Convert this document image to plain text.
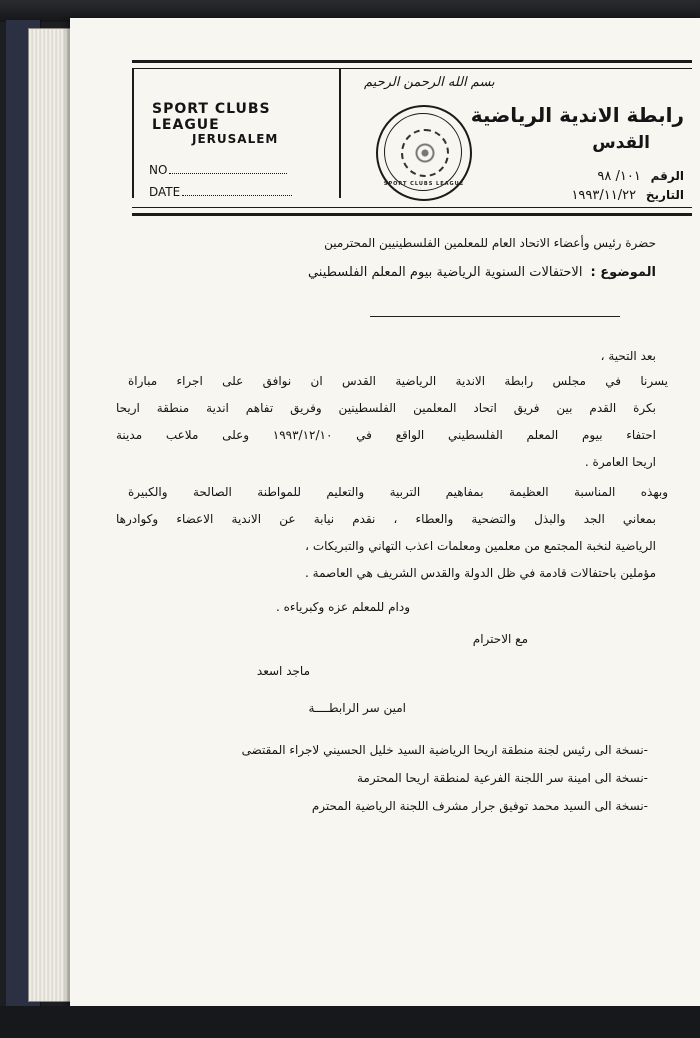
SPORT CLUBS LEAGUE
JERUSALEM
NO
DATE
بسم الله الرحمن الرحيم
SPORT CLUBS LEAGUE
رابطة الاندية الرياضية
القدس
الرقم ١٠١/ ٩٨
التاريخ ١٩٩٣/١١/٢٢
حضرة رئيس وأعضاء الاتحاد العام للمعلمين الفلسطينيين المحترمين
الموضوع :الاحتفالات السنوية الرياضية بيوم المعلم الفلسطيني
بعد التحية ،
يسرنا في مجلس رابطة الاندية الرياضية القدس ان نوافق على اجراء مباراة
بكرة القدم بين فريق اتحاد المعلمين الفلسطينين وفريق تفاهم اندية منطقة اريحا
احتفاء بيوم المعلم الفلسطيني الواقع في ١٩٩٣/١٢/١٠ وعلى ملاعب مدينة
اريحا العامرة .
وبهذه المناسبة العظيمة بمفاهيم التربية والتعليم للمواطنة الصالحة والكبيرة
بمعاني الجد والبذل والتضحية والعطاء ، نقدم نيابة عن الاندية الاعضاء وكوادرها
الرياضية لنخبة المجتمع من معلمين ومعلمات اعذب التهاني والتبريكات ،
مؤملين باحتفالات قادمة في ظل الدولة والقدس الشريف هي العاصمة .
ودام للمعلم عزه وكبرياءه .
مع الاحترام
ماجد اسعد
امين سر الرابطــــة
-نسخة الى رئيس لجنة منطقة اريحا الرياضية السيد خليل الحسيني لاجراء المقتضى
-نسخة الى امينة سر اللجنة الفرعية لمنطقة اريحا المحترمة
-نسخة الى السيد محمد توفيق جرار مشرف اللجنة الرياضية المحترم
